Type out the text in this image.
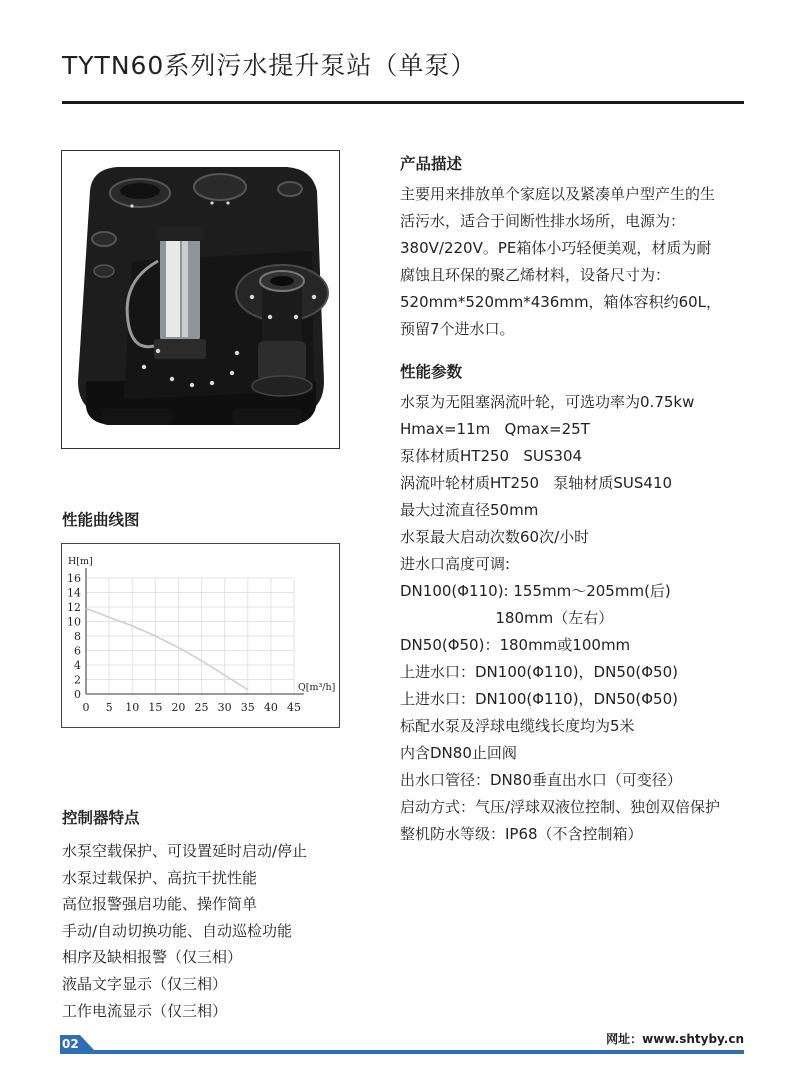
TYTN60系列污水提升泵站（单泵）
产品描述
性能参数
性能曲线图
控制器特点
主要用来排放单个家庭以及紧凑单户型产生的生
活污水，适合于间断性排水场所，电源为：
380V/220V。PE箱体小巧轻便美观，材质为耐
腐蚀且环保的聚乙烯材料，设备尺寸为：
520mm*520mm*436mm，箱体容积约60L，
预留7个进水口。
水泵为无阻塞涡流叶轮，可选功率为0.75kw
Hmax=11m   Qmax=25T
泵体材质HT250   SUS304
涡流叶轮材质HT250   泵轴材质SUS410
最大过流直径50mm
水泵最大启动次数60次/小时
进水口高度可调:
DN100(Φ110): 155mm～205mm(后)
180mm（左右）
DN50(Φ50)：180mm或100mm
上进水口：DN100(Φ110)，DN50(Φ50)
上进水口：DN100(Φ110)，DN50(Φ50)
标配水泵及浮球电缆线长度均为5米
内含DN80止回阀
出水口管径：DN80垂直出水口（可变径）
启动方式：气压/浮球双液位控制、独创双倍保护
整机防水等级：IP68（不含控制箱）
0 5 10 15 20 25 30 35 40 45
0
2
4
6
8
10
12
14
16
H[m]
Q[m³/h]
水泵空载保护、可设置延时启动/停止
水泵过载保护、高抗干扰性能
高位报警强启功能、操作简单
手动/自动切换功能、自动巡检功能
相序及缺相报警（仅三相）
液晶文字显示（仅三相）
工作电流显示（仅三相）
02	网址：www.shtyby.cn
